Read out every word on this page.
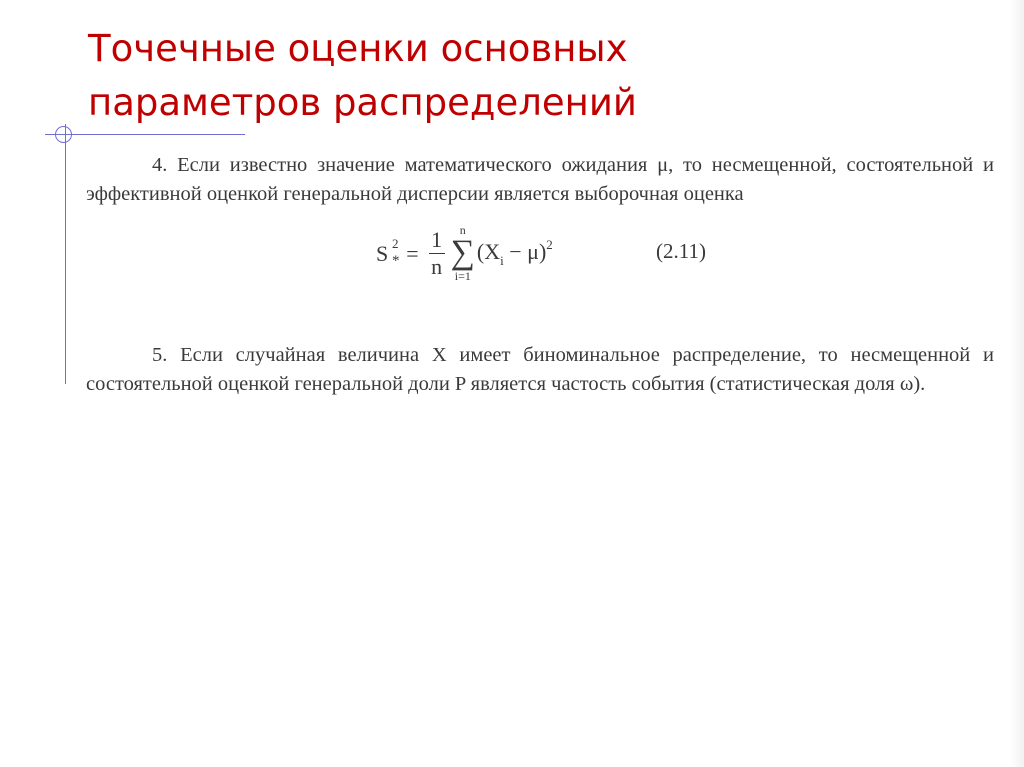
Точечные оценки основных
параметров распределений

4. Если известно значение математического ожидания μ, то несмещенной, состоятельной и эффективной оценкой генеральной дисперсии является выборочная оценка

S 2
* = $\frac{1}{n}$ n
∑
i=1
$(X_i - \mu)^2$	(2.11)

5. Если случайная величина X имеет биноминальное распределение, то несмещенной и состоятельной оценкой генеральной доли P является частость события (статистическая доля ω).
